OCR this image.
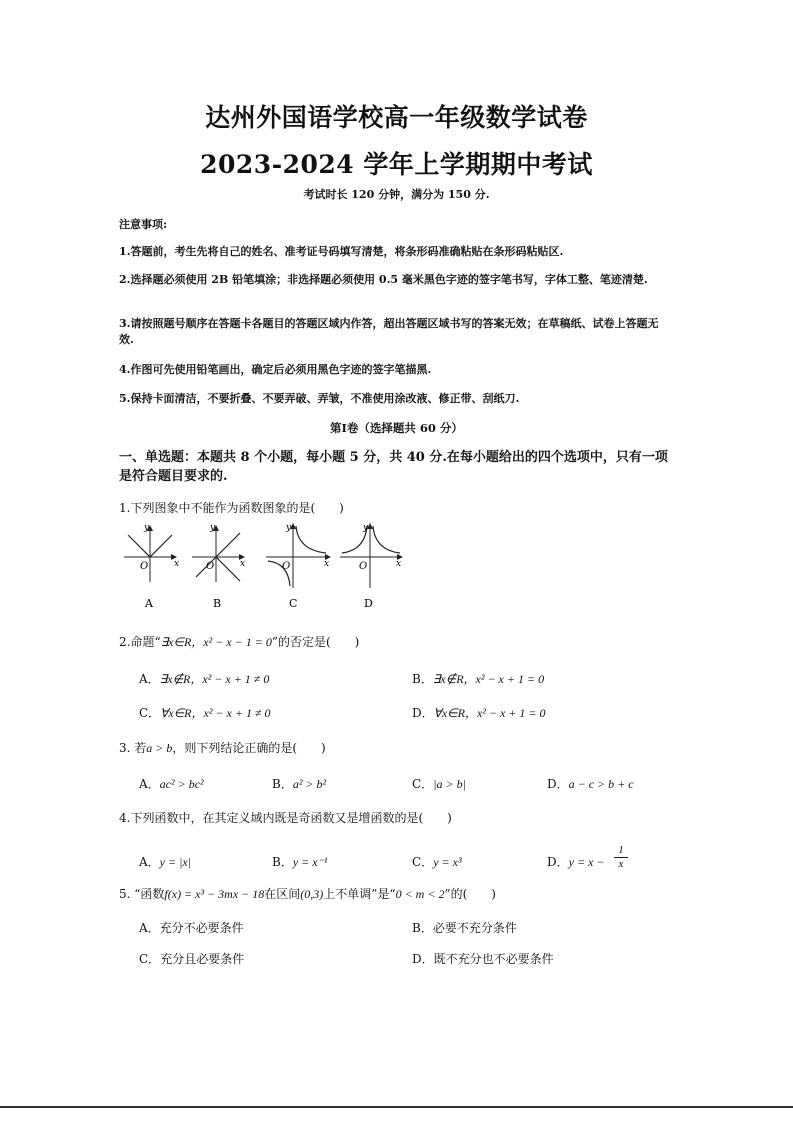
达州外国语学校高一年级数学试卷
2023-2024 学年上学期期中考试
考试时长 120 分钟，满分为 150 分.
注意事项:
1.答题前，考生先将自己的姓名、准考证号码填写清楚，将条形码准确粘贴在条形码粘贴区.
2.选择题必须使用 2B 铅笔填涂；非选择题必须使用 0.5 毫米黑色字迹的签字笔书写，字体工整、笔迹清楚.
3.请按照题号顺序在答题卡各题目的答题区域内作答，超出答题区域书写的答案无效；在草稿纸、试卷上答题无效.
4.作图可先使用铅笔画出，确定后必须用黑色字迹的签字笔描黑.
5.保持卡面清洁，不要折叠、不要弄破、弄皱，不准使用涂改液、修正带、刮纸刀.
第Ⅰ卷（选择题共 60 分）
一、单选题：本题共 8 个小题，每小题 5 分，共 40 分.在每小题给出的四个选项中，只有一项是符合题目要求的.
1.下列图象中不能作为函数图象的是(　　)
y
x
O
y
x
O
y
x
O
y
x
O
A	B	C	D
2.命题“∃x∈R，x² − x − 1 = 0”的否定是(　　)
A．∃x∉R，x² − x + 1 ≠ 0	B．∃x∉R，x² − x + 1 = 0
C．∀x∈R，x² − x + 1 ≠ 0	D．∀x∈R，x² − x + 1 = 0
3. 若a > b，则下列结论正确的是(　　)
A．ac² > bc²	B．a² > b²	C．|a > b|	D．a − c > b + c
4.下列函数中，在其定义域内既是奇函数又是增函数的是(　　)
A．y = |x|	B．y = x⁻¹	C．y = x³	D．y = x −
1
x
5. “函数f(x) = x³ − 3mx − 18在区间(0,3)上不单调”是“0 < m < 2”的(　　)
A．充分不必要条件	B．必要不充分条件
C．充分且必要条件	D．既不充分也不必要条件
